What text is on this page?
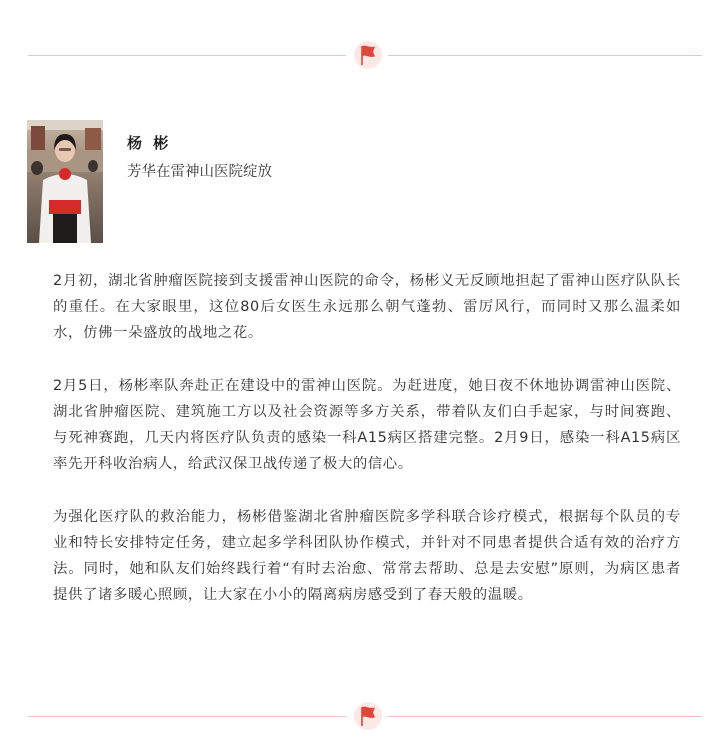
杨 彬
芳华在雷神山医院绽放

2月初，湖北省肿瘤医院接到支援雷神山医院的命令，杨彬义无反顾地担起了雷神山医疗队队长的重任。在大家眼里，这位80后女医生永远那么朝气蓬勃、雷厉风行，而同时又那么温柔如水，仿佛一朵盛放的战地之花。

2月5日，杨彬率队奔赴正在建设中的雷神山医院。为赶进度，她日夜不休地协调雷神山医院、湖北省肿瘤医院、建筑施工方以及社会资源等多方关系，带着队友们白手起家，与时间赛跑、与死神赛跑，几天内将医疗队负责的感染一科A15病区搭建完整。2月9日，感染一科A15病区率先开科收治病人，给武汉保卫战传递了极大的信心。

为强化医疗队的救治能力，杨彬借鉴湖北省肿瘤医院多学科联合诊疗模式，根据每个队员的专业和特长安排特定任务，建立起多学科团队协作模式，并针对不同患者提供合适有效的治疗方法。同时，她和队友们始终践行着“有时去治愈、常常去帮助、总是去安慰”原则，为病区患者提供了诸多暖心照顾，让大家在小小的隔离病房感受到了春天般的温暖。
